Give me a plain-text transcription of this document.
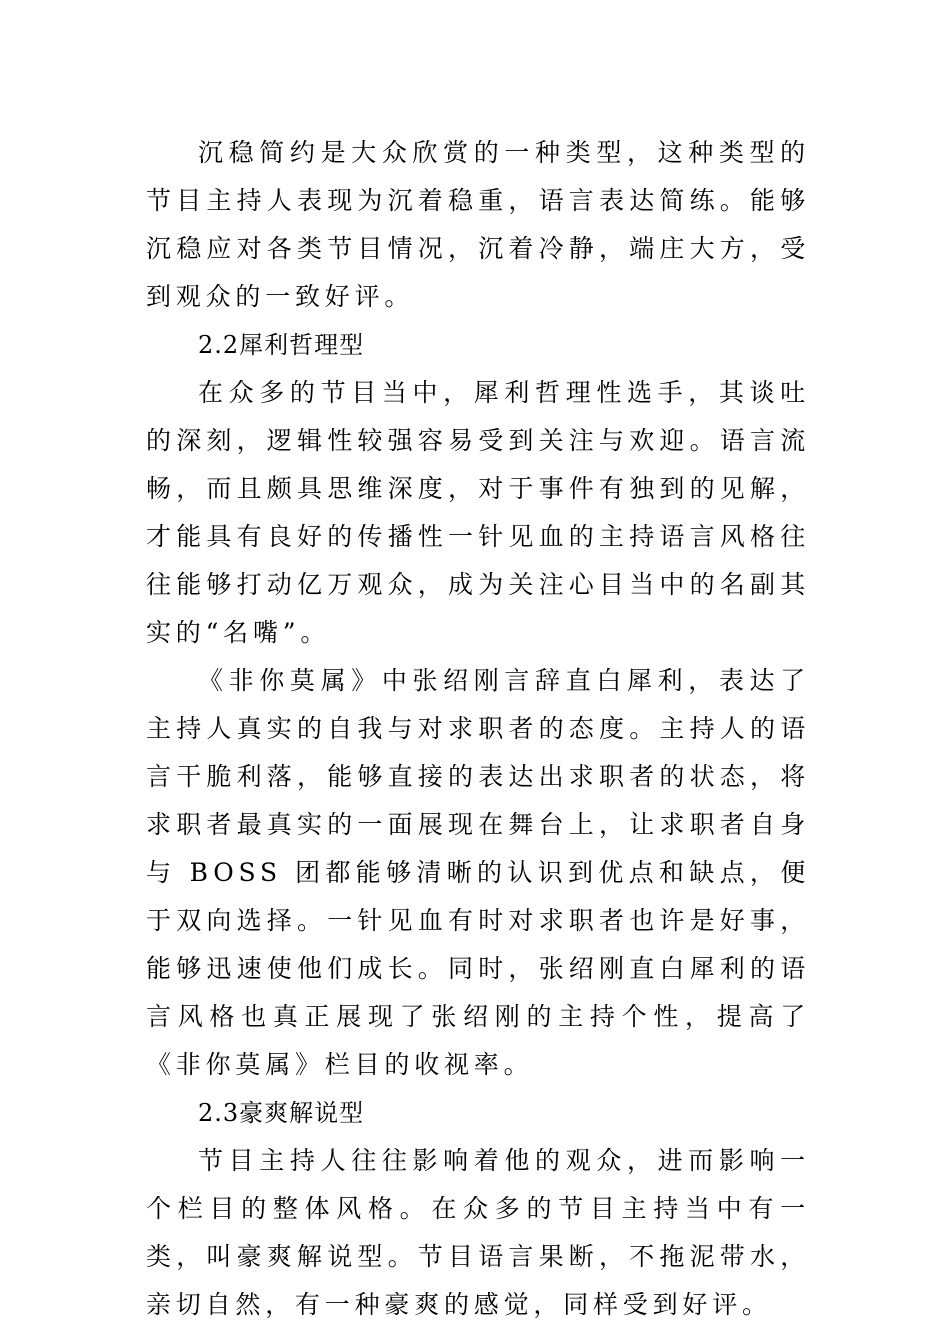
沉稳简约是大众欣赏的一种类型，这种类型的节目主持人表现为沉着稳重，语言表达简练。能够沉稳应对各类节目情况，沉着冷静，端庄大方，受到观众的一致好评。

2.2犀利哲理型

在众多的节目当中，犀利哲理性选手，其谈吐的深刻，逻辑性较强容易受到关注与欢迎。语言流畅，而且颇具思维深度，对于事件有独到的见解，才能具有良好的传播性一针见血的主持语言风格往往能够打动亿万观众，成为关注心目当中的名副其实的“名嘴”。

《非你莫属》中张绍刚言辞直白犀利，表达了主持人真实的自我与对求职者的态度。主持人的语言干脆利落，能够直接的表达出求职者的状态，将求职者最真实的一面展现在舞台上，让求职者自身与 BOSS 团都能够清晰的认识到优点和缺点，便于双向选择。一针见血有时对求职者也许是好事，能够迅速使他们成长。同时，张绍刚直白犀利的语言风格也真正展现了张绍刚的主持个性，提高了《非你莫属》栏目的收视率。

2.3豪爽解说型

节目主持人往往影响着他的观众，进而影响一个栏目的整体风格。在众多的节目主持当中有一类，叫豪爽解说型。节目语言果断，不拖泥带水，亲切自然，有一种豪爽的感觉，同样受到好评。
